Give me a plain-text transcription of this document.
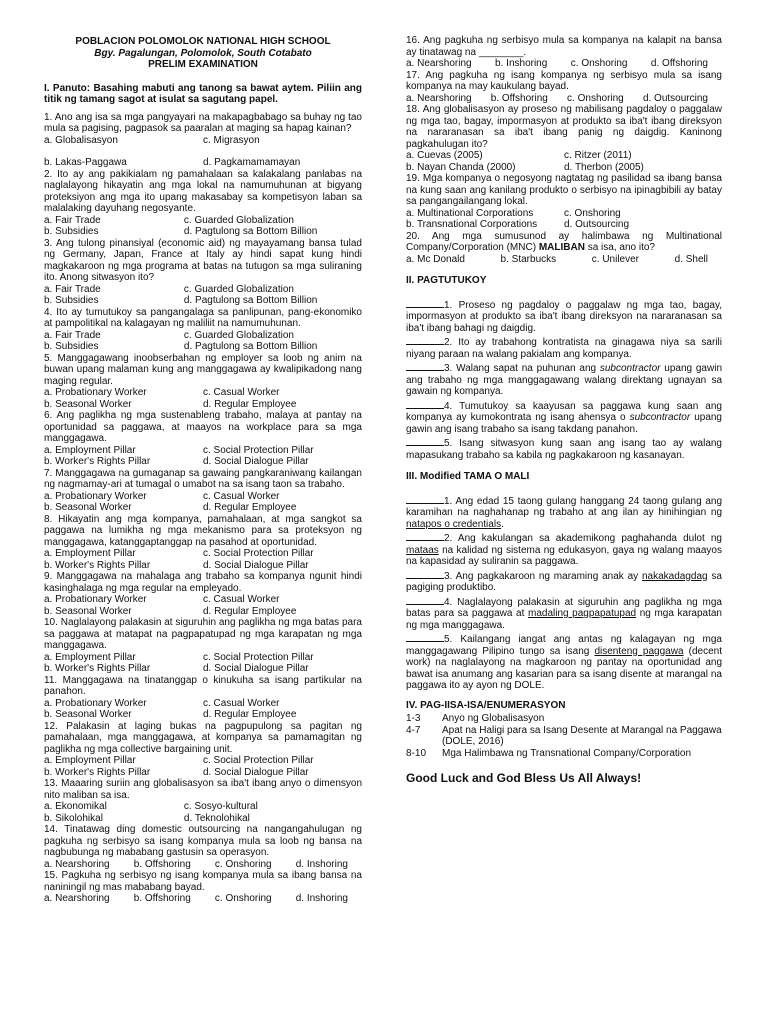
POBLACION POLOMOLOK NATIONAL HIGH SCHOOL
Bgy. Pagalungan, Polomolok, South Cotabato
PRELIM EXAMINATION
I. Panuto: Basahing mabuti ang tanong sa bawat aytem. Piliin ang titik ng tamang sagot at isulat sa sagutang papel.
1. Ano ang isa sa mga pangyayari na makapagbabago sa buhay ng tao mula sa pagising, pagpasok sa paaralan at maging sa hapag kainan?
a. Globalisasyon	c. Migrasyon
b. Lakas-Paggawa	d. Pagkamamamayan
2. Ito ay ang pakikialam ng pamahalaan sa kalakalang panlabas na naglalayong hikayatin ang mga lokal na namumuhunan at bigyang proteksiyon ang mga ito upang makasabay sa kompetisyon laban sa malalaking dayuhang negosyante.
a. Fair Trade	c. Guarded Globalization
b. Subsidies	d. Pagtulong sa Bottom Billion
3. Ang tulong pinansiyal (economic aid) ng mayayamang bansa tulad ng Germany, Japan, France at Italy ay hindi sapat kung hindi magkakaroon ng mga programa at batas na tutugon sa mga suliraning ito. Anong sitwasyon ito?
a. Fair Trade	c. Guarded Globalization
b. Subsidies	d. Pagtulong sa Bottom Billion
4. Ito ay tumutukoy sa pangangalaga sa panlipunan, pang-ekonomiko at pampolitikal na kalagayan ng maliliit na namumuhunan.
a. Fair Trade	c. Guarded Globalization
b. Subsidies	d. Pagtulong sa Bottom Billion
5. Manggagawang inoobserbahan ng employer sa loob ng anim na buwan upang malaman kung ang manggagawa ay kwalipikadong nang maging regular.
a. Probationary Worker	c. Casual Worker
b. Seasonal Worker	d. Regular Employee
6. Ang paglikha ng mga sustenableng trabaho, malaya at pantay na oportunidad sa paggawa, at maayos na workplace para sa mga manggagawa.
a. Employment Pillar	c. Social Protection Pillar
b. Worker's Rights Pillar	d. Social Dialogue Pillar
7. Manggagawa na gumaganap sa gawaing pangkaraniwang kailangan ng nagmamay-ari at tumagal o umabot na sa isang taon sa trabaho.
a. Probationary Worker	c. Casual Worker
b. Seasonal Worker	d. Regular Employee
8. Hikayatin ang mga kompanya, pamahalaan, at mga sangkot sa paggawa na lumikha ng mga mekanismo para sa proteksyon ng manggagawa, katanggaptanggap na pasahod at oportunidad.
a. Employment Pillar	c. Social Protection Pillar
b. Worker's Rights Pillar	d. Social Dialogue Pillar
9. Manggagawa na mahalaga ang trabaho sa kompanya ngunit hindi kasinghalaga ng mga regular na empleyado.
a. Probationary Worker	c. Casual Worker
b. Seasonal Worker	d. Regular Employee
10. Naglalayong palakasin at siguruhin ang paglikha ng mga batas para sa paggawa at matapat na pagpapatupad ng mga karapatan ng mga manggagawa.
a. Employment Pillar	c. Social Protection Pillar
b. Worker's Rights Pillar	d. Social Dialogue Pillar
11. Manggagawa na tinatanggap o kinukuha sa isang partikular na panahon.
a. Probationary Worker	c. Casual Worker
b. Seasonal Worker	d. Regular Employee
12. Palakasin at laging bukas na pagpupulong sa pagitan ng pamahalaan, mga manggagawa, at kompanya sa pamamagitan ng paglikha ng mga collective bargaining unit.
a. Employment Pillar	c. Social Protection Pillar
b. Worker's Rights Pillar	d. Social Dialogue Pillar
13. Maaaring suriin ang globalisasyon sa iba't ibang anyo o dimensyon nito maliban sa isa.
a. Ekonomikal	c. Sosyo-kultural
b. Sikolohikal	d. Teknolohikal
14. Tinatawag ding domestic outsourcing na nangangahulugan ng pagkuha ng serbisyo sa isang kompanya mula sa loob ng bansa na nagbubunga ng mababang gastusin sa operasyon.
a. Nearshoring b. Offshoring c. Onshoring d. Inshoring
15. Pagkuha ng serbisyo ng isang kompanya mula sa ibang bansa na naniningil ng mas mababang bayad.
a. Nearshoring b. Offshoring c. Onshoring d. Inshoring
16. Ang pagkuha ng serbisyo mula sa kompanya na kalapit na bansa ay tinatawag na ________.
a. Nearshoring b. Inshoring c. Onshoring d. Offshoring
17. Ang pagkuha ng isang kompanya ng serbisyo mula sa isang kompanya na may kaukulang bayad.
a. Nearshoring b. Offshoring c. Onshoring d. Outsourcing
18. Ang globalisasyon ay proseso ng mabilisang pagdaloy o paggalaw ng mga tao, bagay, impormasyon at produkto sa iba't ibang direksyon na nararanasan sa iba't ibang panig ng daigdig. Kaninong pagkahulugan ito?
a. Cuevas (2005)	c. Ritzer (2011)
b. Nayan Chanda (2000)	d. Therbon (2005)
19. Mga kompanya o negosyong nagtatag ng pasilidad sa ibang bansa na kung saan ang kanilang produkto o serbisyo na ipinagbibili ay batay sa pangangailangang lokal.
a. Multinational Corporations	c. Onshoring
b. Transnational Corporations	d. Outsourcing
20. Ang mga sumusunod ay halimbawa ng Multinational Company/Corporation (MNC) MALIBAN sa isa, ano ito?
a. Mc Donald	b. Starbucks	c. Unilever	d. Shell
II. PAGTUTUKOY
1. Proseso ng pagdaloy o paggalaw ng mga tao, bagay, impormasyon at produkto sa iba't ibang direksyon na nararanasan sa iba't ibang bahagi ng daigdig.
2. Ito ay trabahong kontratista na ginagawa niya sa sarili niyang paraan na walang pakialam ang kompanya.
3. Walang sapat na puhunan ang subcontractor upang gawin ang trabaho ng mga manggagawang walang direktang ugnayan sa gawain ng kompanya.
4. Tumutukoy sa kaayusan sa paggawa kung saan ang kompanya ay kumokontrata ng isang ahensya o subcontractor upang gawin ang isang trabaho sa isang takdang panahon.
5. Isang sitwasyon kung saan ang isang tao ay walang mapasukang trabaho sa kabila ng pagkakaroon ng kasanayan.
III. Modified TAMA O MALI
1. Ang edad 15 taong gulang hanggang 24 taong gulang ang karamihan na naghahanap ng trabaho at ang ilan ay hinihingian ng natapos o credentials.
2. Ang kakulangan sa akademikong paghahanda dulot ng mataas na kalidad ng sistema ng edukasyon, gaya ng walang maayos na kapasidad ay suliranin sa paggawa.
3. Ang pagkakaroon ng maraming anak ay nakakadagdag sa pagiging produktibo.
4. Naglalayong palakasin at siguruhin ang paglikha ng mga batas para sa paggawa at madaling pagpapatupad ng mga karapatan ng mga manggagawa.
5. Kailangang iangat ang antas ng kalagayan ng mga manggagawang Pilipino tungo sa isang disenteng paggawa (decent work) na naglalayong na magkaroon ng pantay na oportunidad ang bawat isa anumang ang kasarian para sa isang disente at marangal na paggawa ito ay ayon ng DOLE.
IV. PAG-IISA-ISA/ENUMERASYON
1-3	Anyo ng Globalisasyon
4-7	Apat na Haligi para sa Isang Desente at Marangal na Paggawa (DOLE, 2016)
8-10	Mga Halimbawa ng Transnational Company/Corporation
Good Luck and God Bless Us All Always!
